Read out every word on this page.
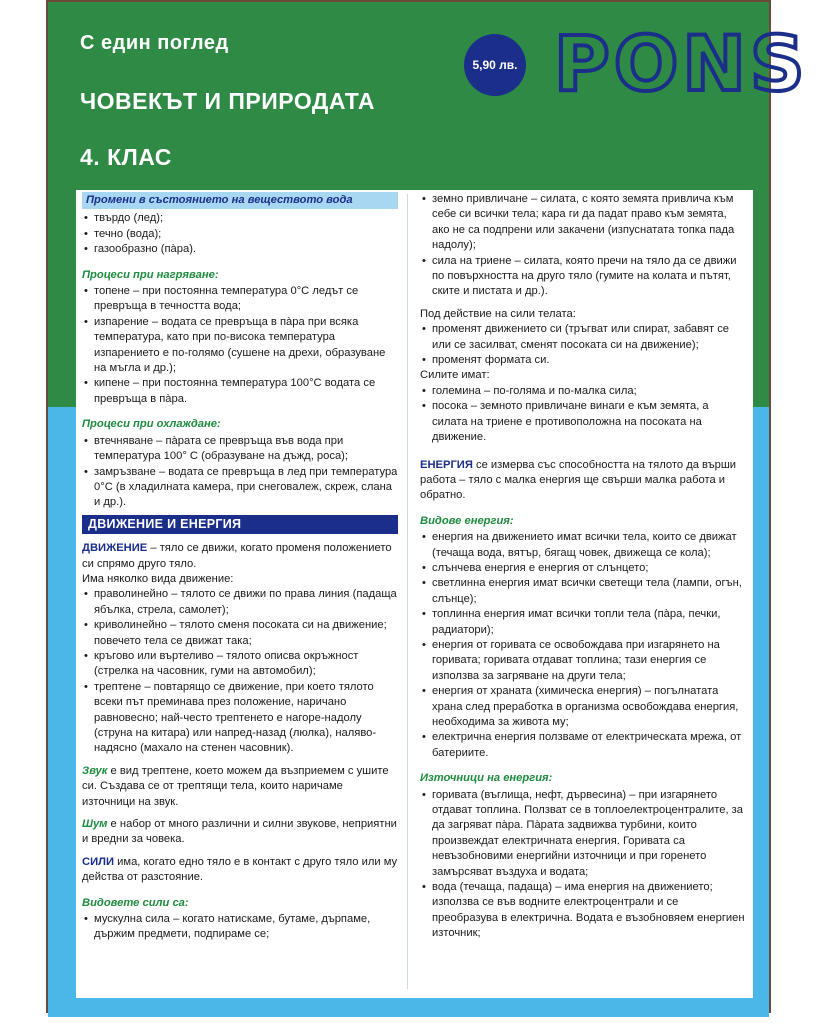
С един поглед
ЧОВЕКЪТ И ПРИРОДАТА
4. КЛАС
5,90 лв. PONS
Промени в състоянието на веществото вода
• твърдо (лед);
• течно (вода);
• газообразно (пàра).
Процеси при нагряване:
• топене – при постоянна температура 0°С ледът се превръща в течността вода;
• изпарение – водата се превръща в пàра при всяка температура, като при по-висока температура изпарението е по-голямо (сушене на дрехи, образуване на мъгла и др.);
• кипене – при постоянна температура 100°С водата се превръща в пàра.
Процеси при охлаждане:
• втечняване – пàрата се превръща във вода при температура 100° С (образуване на дъжд, роса);
• замръзване – водата се превръща в лед при температура 0°С (в хладилната камера, при снеговалеж, скреж, слана и др.).
ДВИЖЕНИЕ И ЕНЕРГИЯ
ДВИЖЕНИЕ – тяло се движи, когато променя положението си спрямо друго тяло.
Има няколко вида движение:
• праволинейно – тялото се движи по права линия (падаща ябълка, стрела, самолет);
• криволинейно – тялото сменя посоката си на движение; повечето тела се движат така;
• кръгово или въртеливо – тялото описва окръжност (стрелка на часовник, гуми на автомобил);
• трептене – повтарящо се движение, при което тялото всеки път преминава през положение, наричано равновесно; най-често трептенето е нагоре-надолу (струна на китара) или напред-назад (люлка), наляво-надясно (махало на стенен часовник).
Звук е вид трептене, което можем да възприемем с ушите си. Създава се от трептящи тела, които наричаме източници на звук.
Шум е набор от много различни и силни звукове, неприятни и вредни за човека.
СИЛИ има, когато едно тяло е в контакт с друго тяло или му действа от разстояние.
Видовете сили са:
• мускулна сила – когато натискаме, бутаме, дърпаме, държим предмети, подпираме се;
• земно привличане – силата, с която земята привлича към себе си всички тела; кара ги да падат право към земята, ако не са подпрени или закачени (изпуснатата топка пада надолу);
• сила на триене – силата, която пречи на тяло да се движи по повърхността на друго тяло (гумите на колата и пътят, ските и пистата и др.).
Под действие на сили телата:
• променят движението си (тръгват или спират, забавят се или се засилват, сменят посоката си на движение);
• променят формата си.
Силите имат:
• големина – по-голяма и по-малка сила;
• посока – земното привличане винаги е към земята, а силата на триене е противоположна на посоката на движение.
ЕНЕРГИЯ се измерва със способността на тялото да върши работа – тяло с малка енергия ще свърши малка работа и обратно.
Видове енергия:
• енергия на движението имат всички тела, които се движат (течаща вода, вятър, бягащ човек, движеща се кола);
• слънчева енергия е енергия от слънцето;
• светлинна енергия имат всички светещи тела (лампи, огън, слънце);
• топлинна енергия имат всички топли тела (пàра, печки, радиатори);
• енергия от горивата се освобождава при изгарянето на горивата; горивата отдават топлина; тази енергия се използва за загряване на други тела;
• енергия от храната (химическа енергия) – погълнатата храна след преработка в организма освобождава енергия, необходима за живота му;
• електрична енергия ползваме от електрическата мрежа, от батериите.
Източници на енергия:
• горивата (въглища, нефт, дървесина) – при изгарянето отдават топлина. Ползват се в топлоелектроцентралите, за да загряват пàра. Пàрата задвижва турбини, които произвеждат електричната енергия. Горивата са невъзобновими енергийни източници и при горенето замърсяват въздуха и водата;
• вода (течаща, падаща) – има енергия на движението; използва се във водните електроцентрали и се преобразува в електрична. Водата е възобновяем енергиен източник;
